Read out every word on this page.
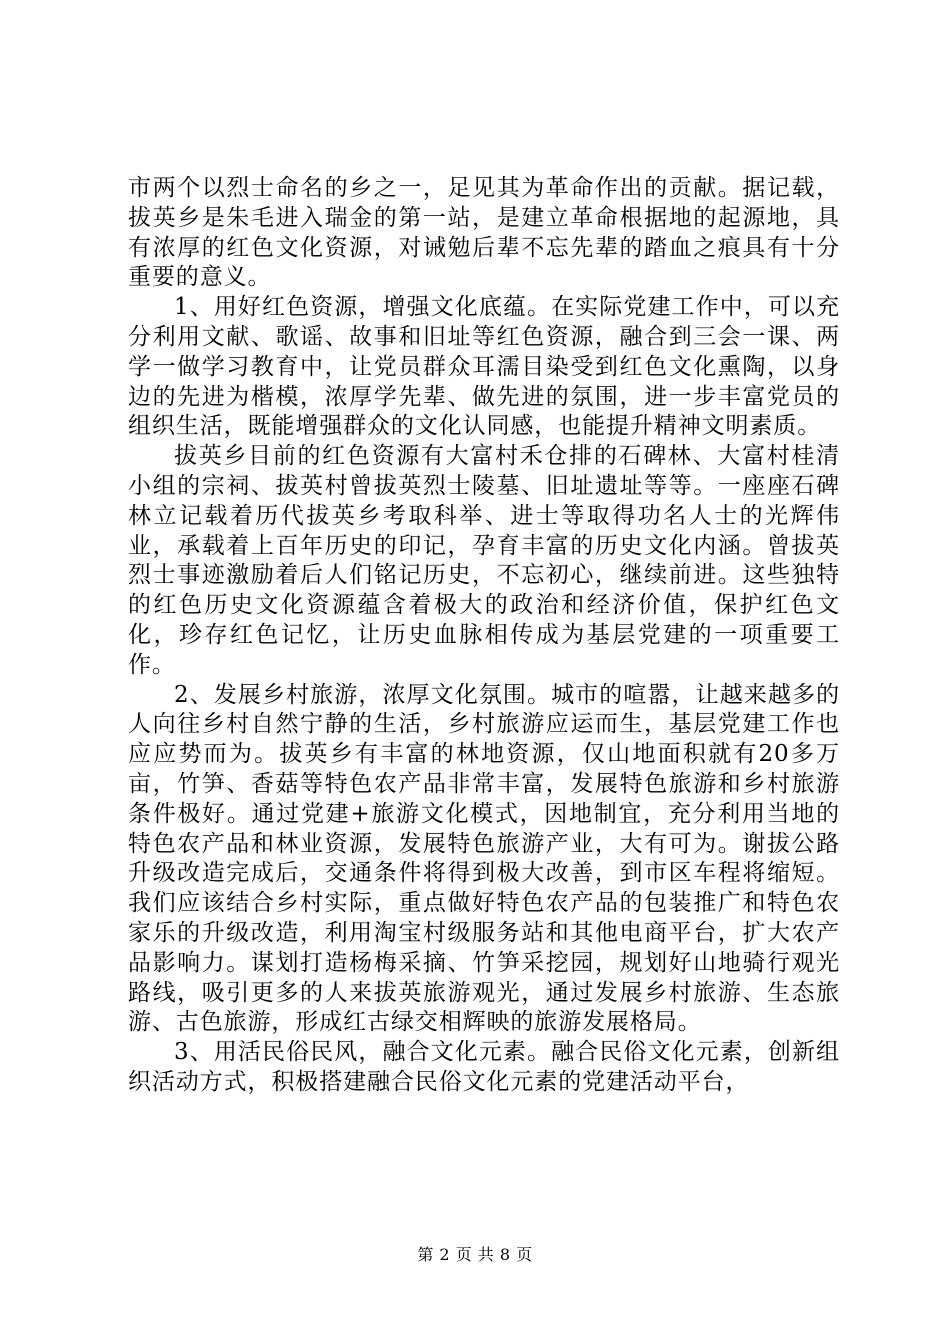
市两个以烈士命名的乡之一，足见其为革命作出的贡献。据记载，拔英乡是朱毛进入瑞金的第一站，是建立革命根据地的起源地，具有浓厚的红色文化资源，对诫勉后辈不忘先辈的踏血之痕具有十分重要的意义。

1、用好红色资源，增强文化底蕴。在实际党建工作中，可以充分利用文献、歌谣、故事和旧址等红色资源，融合到三会一课、两学一做学习教育中，让党员群众耳濡目染受到红色文化熏陶，以身边的先进为楷模，浓厚学先辈、做先进的氛围，进一步丰富党员的组织生活，既能增强群众的文化认同感，也能提升精神文明素质。

拔英乡目前的红色资源有大富村禾仓排的石碑林、大富村桂清小组的宗祠、拔英村曾拔英烈士陵墓、旧址遗址等等。一座座石碑林立记载着历代拔英乡考取科举、进士等取得功名人士的光辉伟业，承载着上百年历史的印记，孕育丰富的历史文化内涵。曾拔英烈士事迹激励着后人们铭记历史，不忘初心，继续前进。这些独特的红色历史文化资源蕴含着极大的政治和经济价值，保护红色文化，珍存红色记忆，让历史血脉相传成为基层党建的一项重要工作。

2、发展乡村旅游，浓厚文化氛围。城市的喧嚣，让越来越多的人向往乡村自然宁静的生活，乡村旅游应运而生，基层党建工作也应应势而为。拔英乡有丰富的林地资源，仅山地面积就有20多万亩，竹笋、香菇等特色农产品非常丰富，发展特色旅游和乡村旅游条件极好。通过党建+旅游文化模式，因地制宜，充分利用当地的特色农产品和林业资源，发展特色旅游产业，大有可为。谢拔公路升级改造完成后，交通条件将得到极大改善，到市区车程将缩短。我们应该结合乡村实际，重点做好特色农产品的包装推广和特色农家乐的升级改造，利用淘宝村级服务站和其他电商平台，扩大农产品影响力。谋划打造杨梅采摘、竹笋采挖园，规划好山地骑行观光路线，吸引更多的人来拔英旅游观光，通过发展乡村旅游、生态旅游、古色旅游，形成红古绿交相辉映的旅游发展格局。

3、用活民俗民风，融合文化元素。融合民俗文化元素，创新组织活动方式，积极搭建融合民俗文化元素的党建活动平台，

第 2 页 共 8 页
